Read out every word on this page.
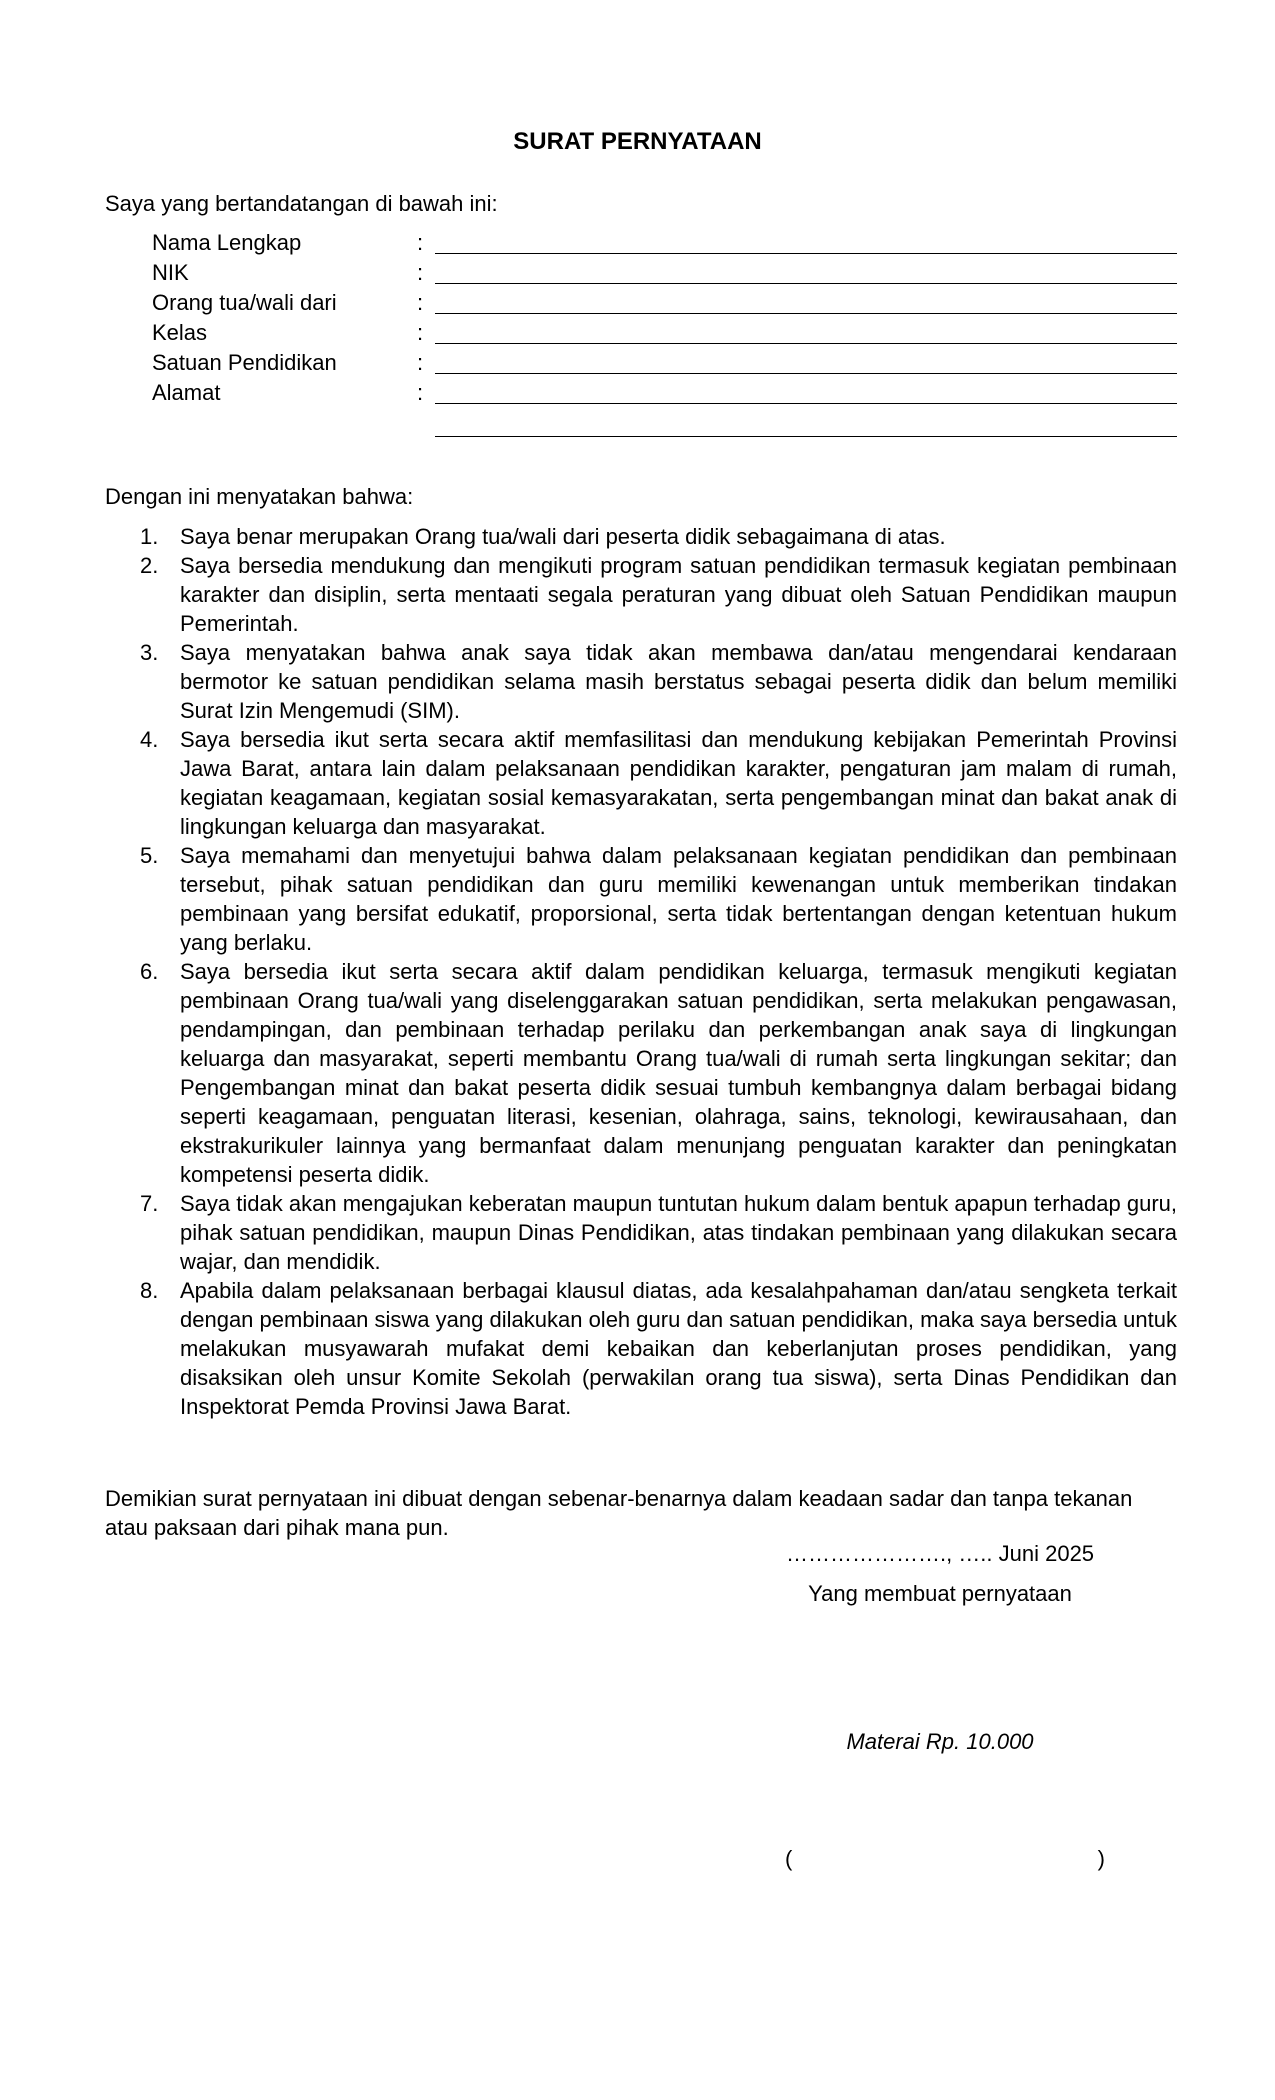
SURAT PERNYATAAN
Saya yang bertandatangan di bawah ini:
Nama Lengkap	:
NIK	:
Orang tua/wali dari	:
Kelas	:
Satuan Pendidikan	:
Alamat	:
Dengan ini menyatakan bahwa:
1. Saya benar merupakan Orang tua/wali dari peserta didik sebagaimana di atas.
2. Saya bersedia mendukung dan mengikuti program satuan pendidikan termasuk kegiatan pembinaan karakter dan disiplin, serta mentaati segala peraturan yang dibuat oleh Satuan Pendidikan maupun Pemerintah.
3. Saya menyatakan bahwa anak saya tidak akan membawa dan/atau mengendarai kendaraan bermotor ke satuan pendidikan selama masih berstatus sebagai peserta didik dan belum memiliki Surat Izin Mengemudi (SIM).
4. Saya bersedia ikut serta secara aktif memfasilitasi dan mendukung kebijakan Pemerintah Provinsi Jawa Barat, antara lain dalam pelaksanaan pendidikan karakter, pengaturan jam malam di rumah, kegiatan keagamaan, kegiatan sosial kemasyarakatan, serta pengembangan minat dan bakat anak di lingkungan keluarga dan masyarakat.
5. Saya memahami dan menyetujui bahwa dalam pelaksanaan kegiatan pendidikan dan pembinaan tersebut, pihak satuan pendidikan dan guru memiliki kewenangan untuk memberikan tindakan pembinaan yang bersifat edukatif, proporsional, serta tidak bertentangan dengan ketentuan hukum yang berlaku.
6. Saya bersedia ikut serta secara aktif dalam pendidikan keluarga, termasuk mengikuti kegiatan pembinaan Orang tua/wali yang diselenggarakan satuan pendidikan, serta melakukan pengawasan, pendampingan, dan pembinaan terhadap perilaku dan perkembangan anak saya di lingkungan keluarga dan masyarakat, seperti membantu Orang tua/wali di rumah serta lingkungan sekitar; dan Pengembangan minat dan bakat peserta didik sesuai tumbuh kembangnya dalam berbagai bidang seperti keagamaan, penguatan literasi, kesenian, olahraga, sains, teknologi, kewirausahaan, dan ekstrakurikuler lainnya yang bermanfaat dalam menunjang penguatan karakter dan peningkatan kompetensi peserta didik.
7. Saya tidak akan mengajukan keberatan maupun tuntutan hukum dalam bentuk apapun terhadap guru, pihak satuan pendidikan, maupun Dinas Pendidikan, atas tindakan pembinaan yang dilakukan secara wajar, dan mendidik.
8. Apabila dalam pelaksanaan berbagai klausul diatas, ada kesalahpahaman dan/atau sengketa terkait dengan pembinaan siswa yang dilakukan oleh guru dan satuan pendidikan, maka saya bersedia untuk melakukan musyawarah mufakat demi kebaikan dan keberlanjutan proses pendidikan, yang disaksikan oleh unsur Komite Sekolah (perwakilan orang tua siswa), serta Dinas Pendidikan dan Inspektorat Pemda Provinsi Jawa Barat.
Demikian surat pernyataan ini dibuat dengan sebenar-benarnya dalam keadaan sadar dan tanpa tekanan atau paksaan dari pihak mana pun.
…………………., ….. Juni 2025
Yang membuat pernyataan
Materai Rp. 10.000
(	)
